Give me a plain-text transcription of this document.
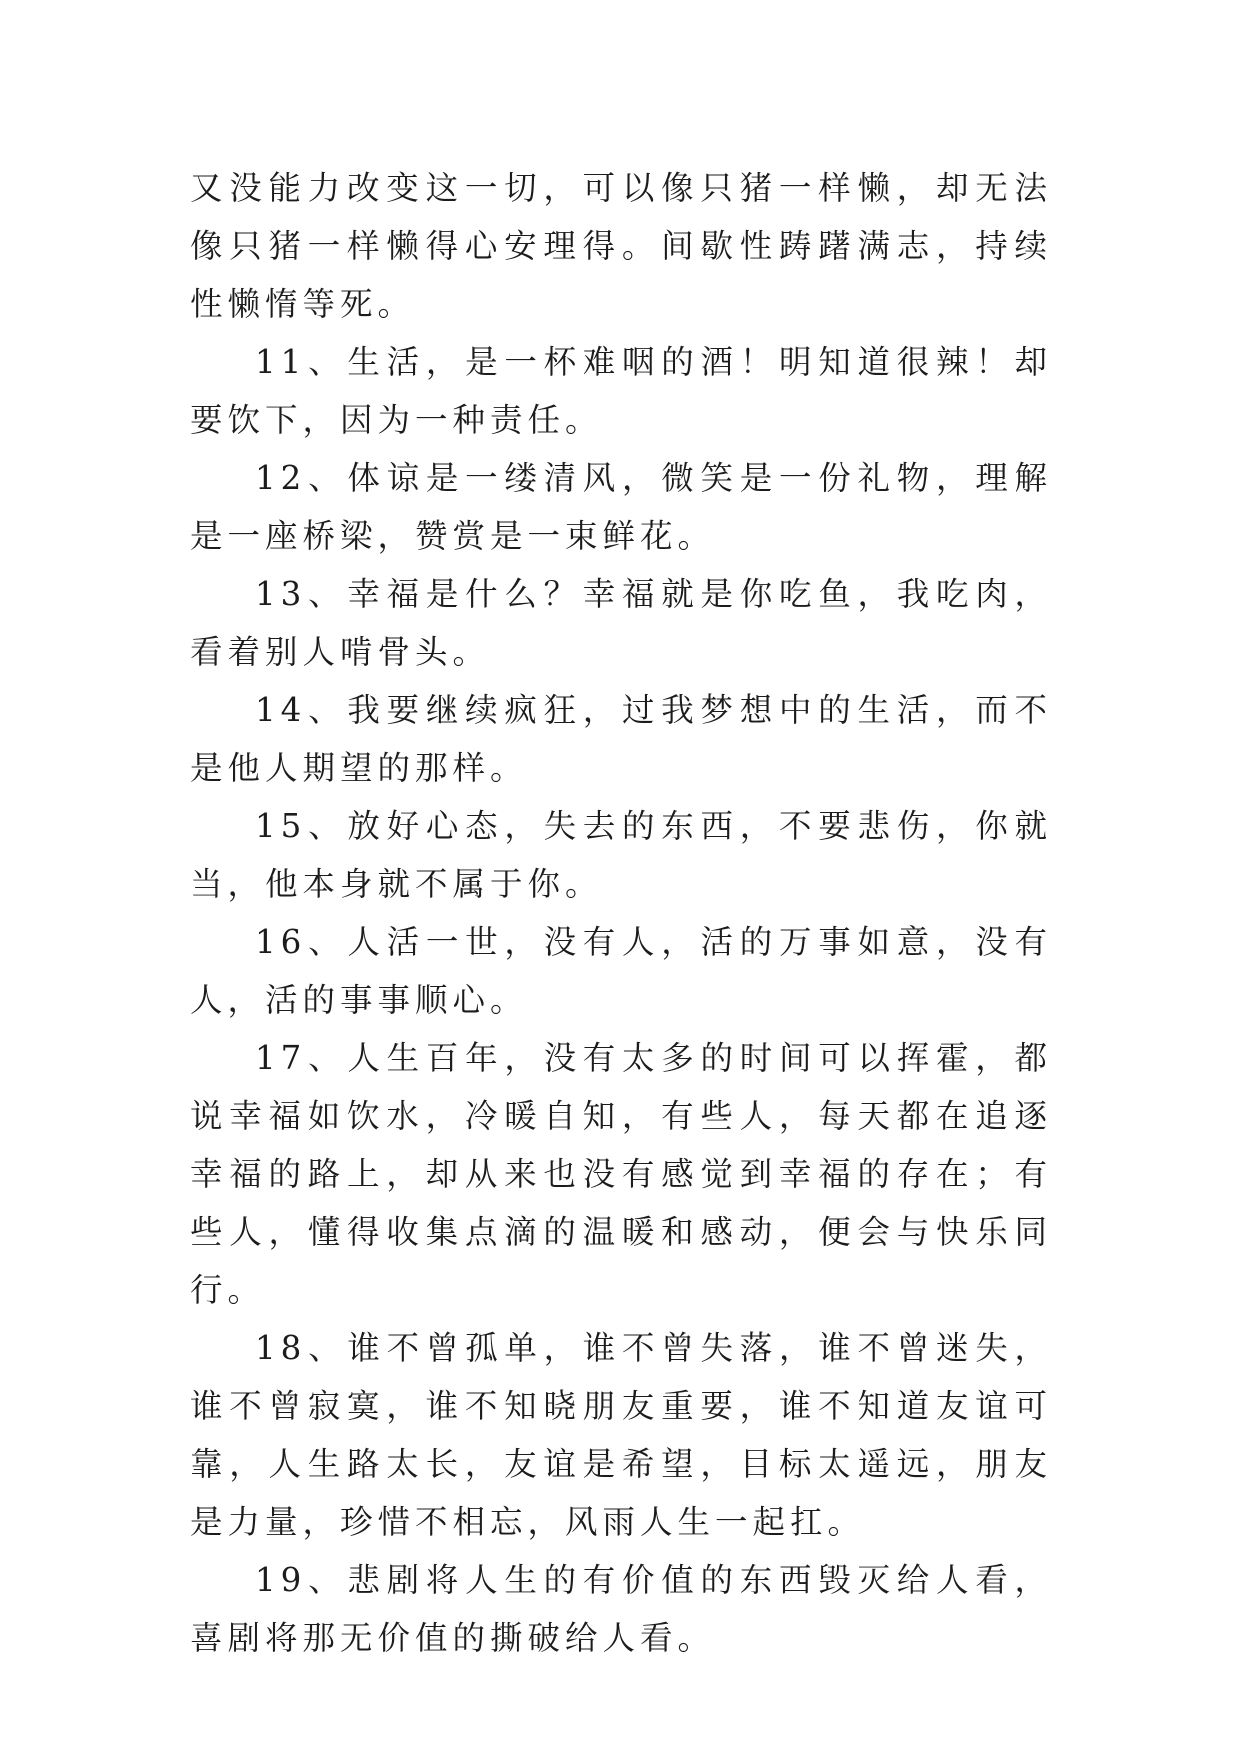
又没能力改变这一切，可以像只猪一样懒，却无法像只猪一样懒得心安理得。间歇性踌躇满志，持续性懒惰等死。

11、生活，是一杯难咽的酒！明知道很辣！却要饮下，因为一种责任。

12、体谅是一缕清风，微笑是一份礼物，理解是一座桥梁，赞赏是一束鲜花。

13、幸福是什么？幸福就是你吃鱼，我吃肉，看着别人啃骨头。

14、我要继续疯狂，过我梦想中的生活，而不是他人期望的那样。

15、放好心态，失去的东西，不要悲伤，你就当，他本身就不属于你。

16、人活一世，没有人，活的万事如意，没有人，活的事事顺心。

17、人生百年，没有太多的时间可以挥霍，都说幸福如饮水，冷暖自知，有些人，每天都在追逐幸福的路上，却从来也没有感觉到幸福的存在；有些人，懂得收集点滴的温暖和感动，便会与快乐同行。

18、谁不曾孤单，谁不曾失落，谁不曾迷失，谁不曾寂寞，谁不知晓朋友重要，谁不知道友谊可靠，人生路太长，友谊是希望，目标太遥远，朋友是力量，珍惜不相忘，风雨人生一起扛。

19、悲剧将人生的有价值的东西毁灭给人看，喜剧将那无价值的撕破给人看。
